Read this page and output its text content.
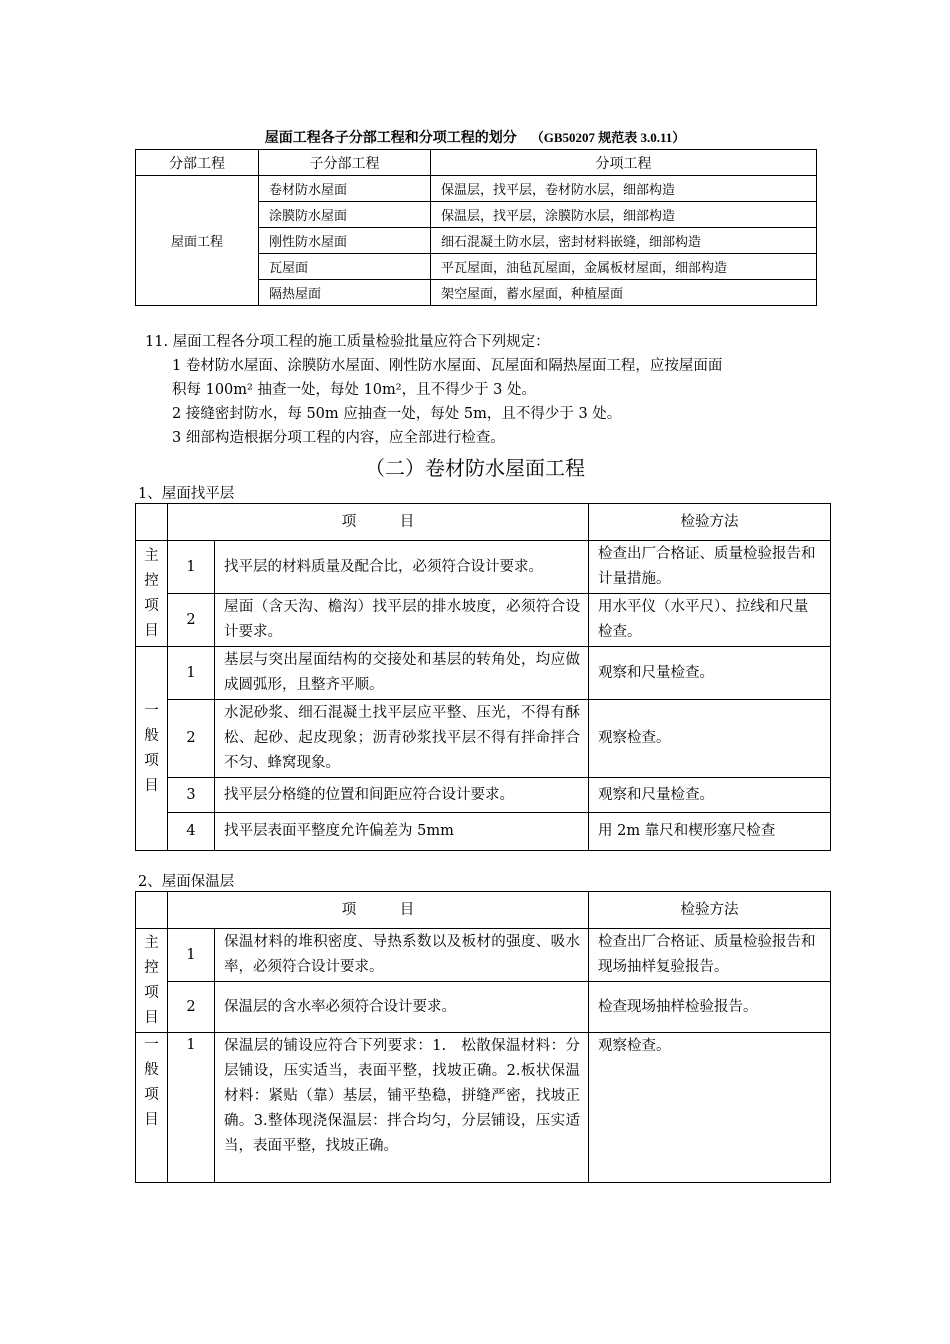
屋面工程各子分部工程和分项工程的划分 （GB50207 规范表 3.0.11）
分部工程	子分部工程	分项工程
屋面工程	卷材防水屋面	保温层，找平层，卷材防水层，细部构造
	涂膜防水屋面	保温层，找平层，涂膜防水层，细部构造
	刚性防水屋面	细石混凝土防水层，密封材料嵌缝，细部构造
	瓦屋面	平瓦屋面，油毡瓦屋面，金属板材屋面，细部构造
	隔热屋面	架空屋面，蓄水屋面，种植屋面
11. 屋面工程各分项工程的施工质量检验批量应符合下列规定：
1 卷材防水屋面、涂膜防水屋面、刚性防水屋面、瓦屋面和隔热屋面工程，应按屋面面
积每 100m² 抽查一处，每处 10m²，且不得少于 3 处。
2 接缝密封防水，每 50m 应抽查一处，每处 5m，且不得少于 3 处。
3 细部构造根据分项工程的内容，应全部进行检查。
（二）卷材防水屋面工程
1、屋面找平层
	项　　　目		检验方法

主
控
项
目	1	找平层的材料质量及配合比，必须符合设计要求。	检查出厂合格证、质量检验报告和计量措施。
	2	屋面（含天沟、檐沟）找平层的排水坡度，必须符合设计要求。	用水平仪（水平尺）、拉线和尺量检查。

一
般
项
目	1	基层与突出屋面结构的交接处和基层的转角处，均应做成圆弧形，且整齐平顺。	观察和尺量检查。
	2	水泥砂浆、细石混凝土找平层应平整、压光，不得有酥松、起砂、起皮现象；沥青砂浆找平层不得有拌命拌合不匀、蜂窝现象。	观察检查。
	3	找平层分格缝的位置和间距应符合设计要求。	观察和尺量检查。
	4	找平层表面平整度允许偏差为 5mm	用 2m 靠尺和楔形塞尺检查
2、屋面保温层
	项　　　目		检验方法

主
控
项
目	1	保温材料的堆积密度、导热系数以及板材的强度、吸水率，必须符合设计要求。	检查出厂合格证、质量检验报告和现场抽样复验报告。
	2	保温层的含水率必须符合设计要求。	检查现场抽样检验报告。

一
般
项
目	1	保温层的铺设应符合下列要求：1.　松散保温材料：分层铺设，压实适当，表面平整，找坡正确。2.板状保温材料：紧贴（靠）基层，铺平垫稳，拼缝严密，找坡正确。3.整体现浇保温层：拌合均匀，分层铺设，压实适当，表面平整，找坡正确。	观察检查。
